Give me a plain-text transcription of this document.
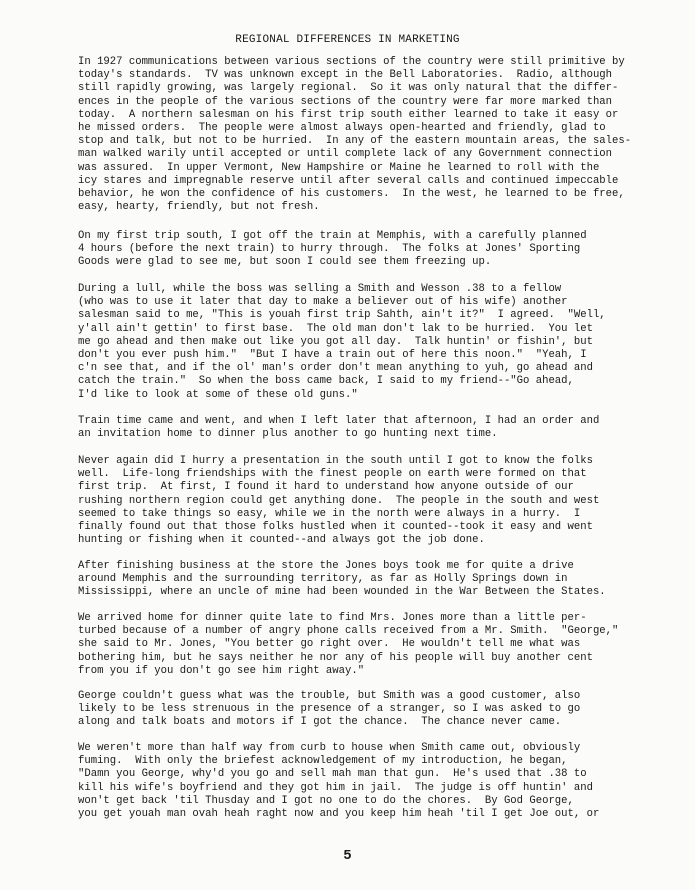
REGIONAL DIFFERENCES IN MARKETING
In 1927 communications between various sections of the country were still primitive by
today's standards.  TV was unknown except in the Bell Laboratories.  Radio, although
still rapidly growing, was largely regional.  So it was only natural that the differ-
ences in the people of the various sections of the country were far more marked than
today.  A northern salesman on his first trip south either learned to take it easy or
he missed orders.  The people were almost always open-hearted and friendly, glad to
stop and talk, but not to be hurried.  In any of the eastern mountain areas, the sales-
man walked warily until accepted or until complete lack of any Government connection
was assured.  In upper Vermont, New Hampshire or Maine he learned to roll with the
icy stares and impregnable reserve until after several calls and continued impeccable
behavior, he won the confidence of his customers.  In the west, he learned to be free,
easy, hearty, friendly, but not fresh.
On my first trip south, I got off the train at Memphis, with a carefully planned
4 hours (before the next train) to hurry through.  The folks at Jones' Sporting
Goods were glad to see me, but soon I could see them freezing up.
During a lull, while the boss was selling a Smith and Wesson .38 to a fellow
(who was to use it later that day to make a believer out of his wife) another
salesman said to me, "This is youah first trip Sahth, ain't it?"  I agreed.  "Well,
y'all ain't gettin' to first base.  The old man don't lak to be hurried.  You let
me go ahead and then make out like you got all day.  Talk huntin' or fishin', but
don't you ever push him."  "But I have a train out of here this noon."  "Yeah, I
c'n see that, and if the ol' man's order don't mean anything to yuh, go ahead and
catch the train."  So when the boss came back, I said to my friend--"Go ahead,
I'd like to look at some of these old guns."
Train time came and went, and when I left later that afternoon, I had an order and
an invitation home to dinner plus another to go hunting next time.
Never again did I hurry a presentation in the south until I got to know the folks
well.  Life-long friendships with the finest people on earth were formed on that
first trip.  At first, I found it hard to understand how anyone outside of our
rushing northern region could get anything done.  The people in the south and west
seemed to take things so easy, while we in the north were always in a hurry.  I
finally found out that those folks hustled when it counted--took it easy and went
hunting or fishing when it counted--and always got the job done.
After finishing business at the store the Jones boys took me for quite a drive
around Memphis and the surrounding territory, as far as Holly Springs down in
Mississippi, where an uncle of mine had been wounded in the War Between the States.
We arrived home for dinner quite late to find Mrs. Jones more than a little per-
turbed because of a number of angry phone calls received from a Mr. Smith.  "George,"
she said to Mr. Jones, "You better go right over.  He wouldn't tell me what was
bothering him, but he says neither he nor any of his people will buy another cent
from you if you don't go see him right away."
George couldn't guess what was the trouble, but Smith was a good customer, also
likely to be less strenuous in the presence of a stranger, so I was asked to go
along and talk boats and motors if I got the chance.  The chance never came.
We weren't more than half way from curb to house when Smith came out, obviously
fuming.  With only the briefest acknowledgement of my introduction, he began,
"Damn you George, why'd you go and sell mah man that gun.  He's used that .38 to
kill his wife's boyfriend and they got him in jail.  The judge is off huntin' and
won't get back 'til Thusday and I got no one to do the chores.  By God George,
you get youah man ovah heah raght now and you keep him heah 'til I get Joe out, or
5
